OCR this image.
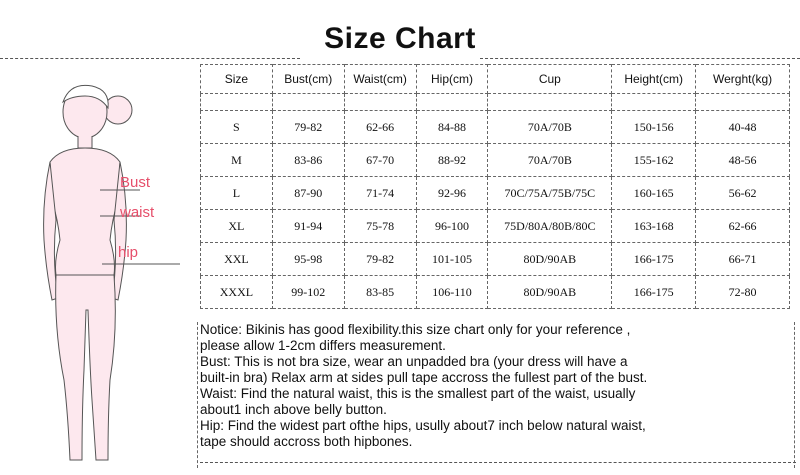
Size Chart
Bust
waist
hip
Size	Bust(cm)	Waist(cm)	Hip(cm)	Cup	Height(cm)	Werght(kg)

S	79-82	62-66	84-88	70A/70B	150-156	40-48
M	83-86	67-70	88-92	70A/70B	155-162	48-56
L	87-90	71-74	92-96	70C/75A/75B/75C	160-165	56-62
XL	91-94	75-78	96-100	75D/80A/80B/80C	163-168	62-66
XXL	95-98	79-82	101-105	80D/90AB	166-175	66-71
XXXL	99-102	83-85	106-110	80D/90AB	166-175	72-80

Notice: Bikinis has good flexibility.this size chart only for your reference ,

please allow 1-2cm differs measurement.

Bust: This is not bra size, wear an unpadded bra (your dress will have a

built-in bra) Relax arm at sides pull tape accross the fullest part of the bust.

Waist: Find the natural waist, this is the smallest part of the waist, usually

about1 inch above belly button.

Hip: Find the widest part ofthe hips, usully about7 inch below natural waist,

tape should accross both hipbones.
